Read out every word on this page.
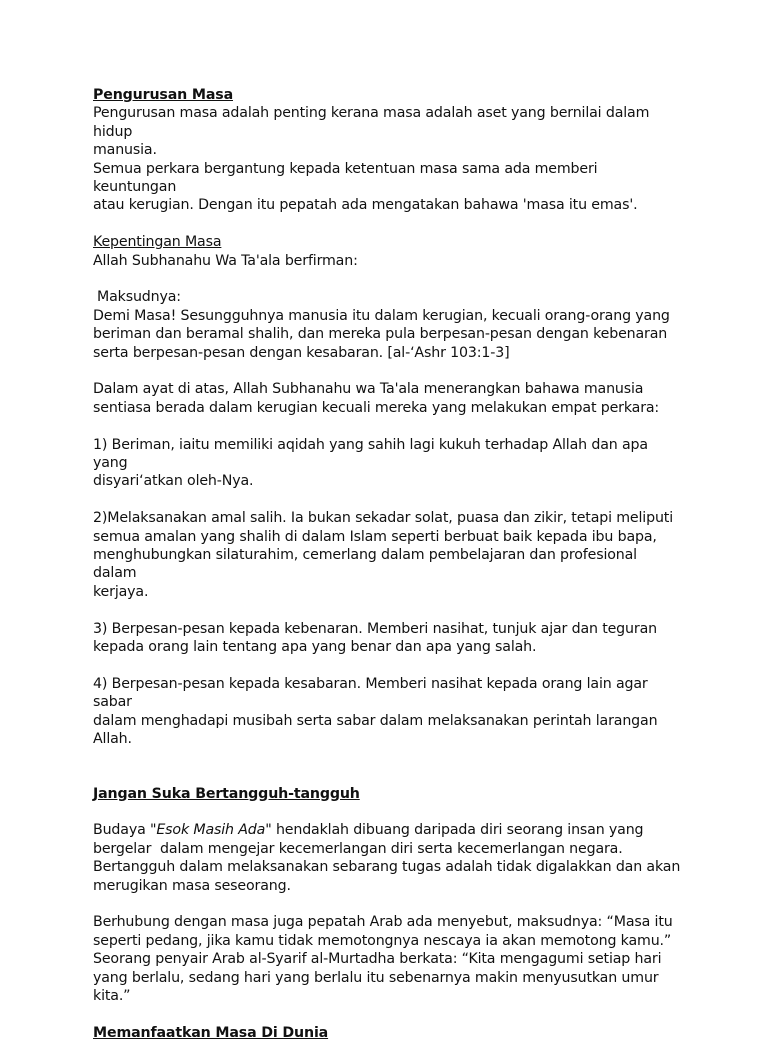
Pengurusan Masa

Pengurusan masa adalah penting kerana masa adalah aset yang bernilai dalam hidup

manusia.

Semua perkara bergantung kepada ketentuan masa sama ada memberi keuntungan

atau kerugian. Dengan itu pepatah ada mengatakan bahawa 'masa itu emas'.

Kepentingan Masa

Allah Subhanahu Wa Ta'ala berfirman:

Maksudnya:

Demi Masa! Sesungguhnya manusia itu dalam kerugian, kecuali orang-orang yang

beriman dan beramal shalih, dan mereka pula berpesan-pesan dengan kebenaran

serta berpesan-pesan dengan kesabaran. [al-‘Ashr 103:1-3]

Dalam ayat di atas, Allah Subhanahu wa Ta'ala menerangkan bahawa manusia

sentiasa berada dalam kerugian kecuali mereka yang melakukan empat perkara:

1) Beriman, iaitu memiliki aqidah yang sahih lagi kukuh terhadap Allah dan apa yang

disyari‘atkan oleh-Nya.

2)Melaksanakan amal salih. Ia bukan sekadar solat, puasa dan zikir, tetapi meliputi

semua amalan yang shalih di dalam Islam seperti berbuat baik kepada ibu bapa,

menghubungkan silaturahim, cemerlang dalam pembelajaran dan profesional dalam

kerjaya.

3) Berpesan-pesan kepada kebenaran. Memberi nasihat, tunjuk ajar dan teguran

kepada orang lain tentang apa yang benar dan apa yang salah.

4) Berpesan-pesan kepada kesabaran. Memberi nasihat kepada orang lain agar sabar

dalam menghadapi musibah serta sabar dalam melaksanakan perintah larangan Allah.

Jangan Suka Bertangguh-tangguh

Budaya "Esok Masih Ada" hendaklah dibuang daripada diri seorang insan yang

bergelar  dalam mengejar kecemerlangan diri serta kecemerlangan negara.

Bertangguh dalam melaksanakan sebarang tugas adalah tidak digalakkan dan akan

merugikan masa seseorang.

Berhubung dengan masa juga pepatah Arab ada menyebut, maksudnya: “Masa itu

seperti pedang, jika kamu tidak memotongnya nescaya ia akan memotong kamu.”

Seorang penyair Arab al-Syarif al-Murtadha berkata: “Kita mengagumi setiap hari

yang berlalu, sedang hari yang berlalu itu sebenarnya makin menyusutkan umur kita.”

Memanfaatkan Masa Di Dunia
